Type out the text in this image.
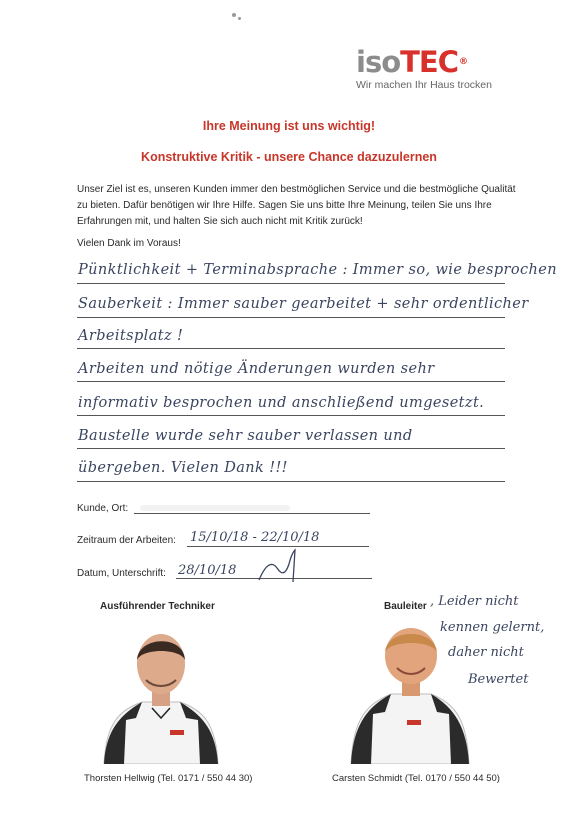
isoTEC®
Wir machen Ihr Haus trocken
Ihre Meinung ist uns wichtig!
Konstruktive Kritik - unsere Chance dazuzulernen
Unser Ziel ist es, unseren Kunden immer den bestmöglichen Service und die bestmögliche Qualität zu bieten. Dafür benötigen wir Ihre Hilfe. Sagen Sie uns bitte Ihre Meinung, teilen Sie uns Ihre Erfahrungen mit, und halten Sie sich auch nicht mit Kritik zurück!
Vielen Dank im Voraus!
Pünktlichkeit + Terminabsprache : Immer so, wie besprochen
Sauberkeit : Immer sauber gearbeitet + sehr ordentlicher
Arbeitsplatz !
Arbeiten und nötige Änderungen wurden sehr
informativ besprochen und anschließend umgesetzt.
Baustelle wurde sehr sauber verlassen und
übergeben. Vielen Dank !!!
Kunde, Ort:
Zeitraum der Arbeiten: 15/10/18 - 22/10/18
Datum, Unterschrift: 28/10/18
Ausführender Techniker	Bauleiter , Leider nicht
kennen gelernt,
daher nicht
Bewertet
Thorsten Hellwig (Tel. 0171 / 550 44 30)	Carsten Schmidt (Tel. 0170 / 550 44 50)
